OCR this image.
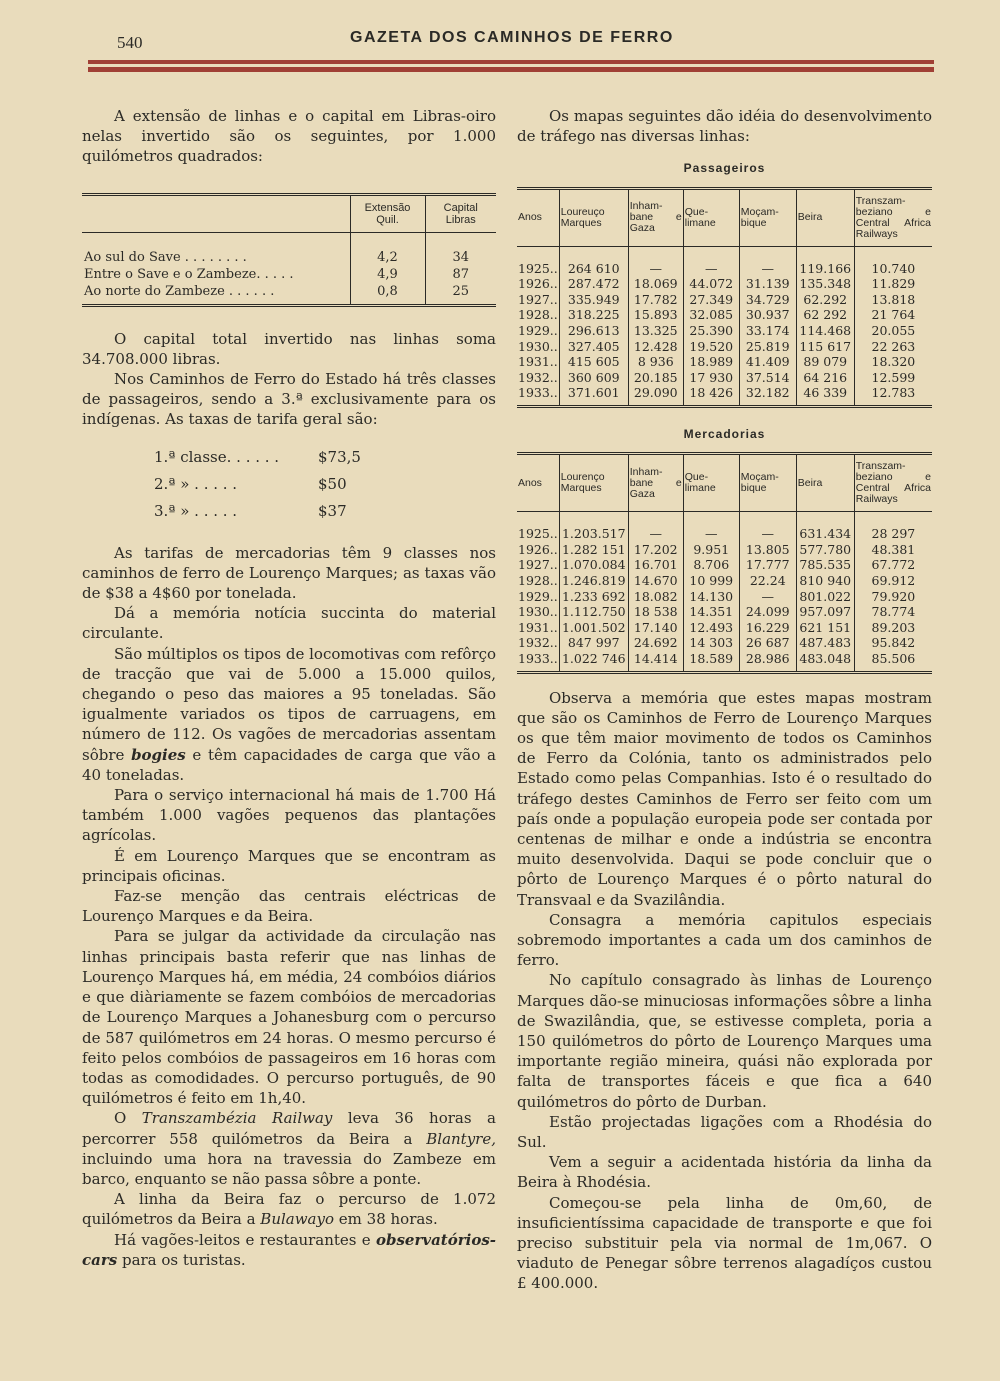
540	GAZETA DOS CAMINHOS DE FERRO

A extensão de linhas e o capital em Libras-oiro nelas invertido são os seguintes, por 1.000 quilómetros quadrados:

	Extensão Quil.	Capital Libras
Ao sul do Save . . . . . . . .	4,2	34
Entre o Save e o Zambeze. . . . .	4,9	87
Ao norte do Zambeze . . . . . .	0,8	25

O capital total invertido nas linhas soma 34.708.000 libras.

Nos Caminhos de Ferro do Estado há três classes de passageiros, sendo a 3.ª exclusivamente para os indígenas. As taxas de tarifa geral são:

1.ª classe. . . . . .	$73,5
2.ª » . . . . .	$50
3.ª » . . . . .	$37

As tarifas de mercadorias têm 9 classes nos caminhos de ferro de Lourenço Marques; as taxas vão de $38 a 4$60 por tonelada.

Dá a memória notícia succinta do material circulante.

São múltiplos os tipos de locomotivas com refôrço de tracção que vai de 5.000 a 15.000 quilos, chegando o peso das maiores a 95 toneladas. São igualmente variados os tipos de carruagens, em número de 112. Os vagões de mercadorias assentam sôbre bogies e têm capacidades de carga que vão a 40 toneladas.

Para o serviço internacional há mais de 1.700 Há também 1.000 vagões pequenos das plantações agrícolas.

É em Lourenço Marques que se encontram as principais oficinas.

Faz-se menção das centrais eléctricas de Lourenço Marques e da Beira.

Para se julgar da actividade da circulação nas linhas principais basta referir que nas linhas de Lourenço Marques há, em média, 24 combóios diários e que diàriamente se fazem combóios de mercadorias de Lourenço Marques a Johanesburg com o percurso de 587 quilómetros em 24 horas. O mesmo percurso é feito pelos combóios de passageiros em 16 horas com todas as comodidades. O percurso português, de 90 quilómetros é feito em 1h,40.

O Transzambézia Railway leva 36 horas a percorrer 558 quilómetros da Beira a Blantyre, incluindo uma hora na travessia do Zambeze em barco, enquanto se não passa sôbre a ponte.

A linha da Beira faz o percurso de 1.072 quilómetros da Beira a Bulawayo em 38 horas.

Há vagões-leitos e restaurantes e observatórios-cars para os turistas.

Os mapas seguintes dão idéia do desenvolvimento de tráfego nas diversas linhas:

Passageiros
Anos	Loureuço Marques	Inham-bane e Gaza	Que-limane	Moçam-bique	Beira	Transzam-beziano e Central Africa Railways
1925..	264 610	—	—	—	119.166	10.740
1926..	287.472	18.069	44.072	31.139	135.348	11.829
1927..	335.949	17.782	27.349	34.729	62.292	13.818
1928..	318.225	15.893	32.085	30.937	62 292	21 764
1929..	296.613	13.325	25.390	33.174	114.468	20.055
1930..	327.405	12.428	19.520	25.819	115 617	22 263
1931..	415 605	8 936	18.989	41.409	89 079	18.320
1932..	360 609	20.185	17 930	37.514	64 216	12.599
1933..	371.601	29.090	18 426	32.182	46 339	12.783
Mercadorias
Anos	Lourenço Marques	Inham-bane e Gaza	Que-limane	Moçam-bique	Beira	Transzam-beziano e Central Africa Railways
1925..	1.203.517	—	—	—	631.434	28 297
1926..	1.282 151	17.202	9.951	13.805	577.780	48.381
1927..	1.070.084	16.701	8.706	17.777	785.535	67.772
1928..	1.246.819	14.670	10 999	22.24	810 940	69.912
1929..	1.233 692	18.082	14.130	—	801.022	79.920
1930..	1.112.750	18 538	14.351	24.099	957.097	78.774
1931..	1.001.502	17.140	12.493	16.229	621 151	89.203
1932..	847 997	24.692	14 303	26 687	487.483	95.842
1933..	1.022 746	14.414	18.589	28.986	483.048	85.506

Observa a memória que estes mapas mostram que são os Caminhos de Ferro de Lourenço Marques os que têm maior movimento de todos os Caminhos de Ferro da Colónia, tanto os administrados pelo Estado como pelas Companhias. Isto é o resultado do tráfego destes Caminhos de Ferro ser feito com um país onde a população europeia pode ser contada por centenas de milhar e onde a indústria se encontra muito desenvolvida. Daqui se pode concluir que o pôrto de Lourenço Marques é o pôrto natural do Transvaal e da Svazilândia.

Consagra a memória capitulos especiais sobremodo importantes a cada um dos caminhos de ferro.

No capítulo consagrado às linhas de Lourenço Marques dão-se minuciosas informações sôbre a linha de Swazilândia, que, se estivesse completa, poria a 150 quilómetros do pôrto de Lourenço Marques uma importante região mineira, quási não explorada por falta de transportes fáceis e que fica a 640 quilómetros do pôrto de Durban.

Estão projectadas ligações com a Rhodésia do Sul.

Vem a seguir a acidentada história da linha da Beira à Rhodésia.

Começou-se pela linha de 0m,60, de insuficientíssima capacidade de transporte e que foi preciso substituir pela via normal de 1m,067. O viaduto de Penegar sôbre terrenos alagadíços custou £ 400.000.
